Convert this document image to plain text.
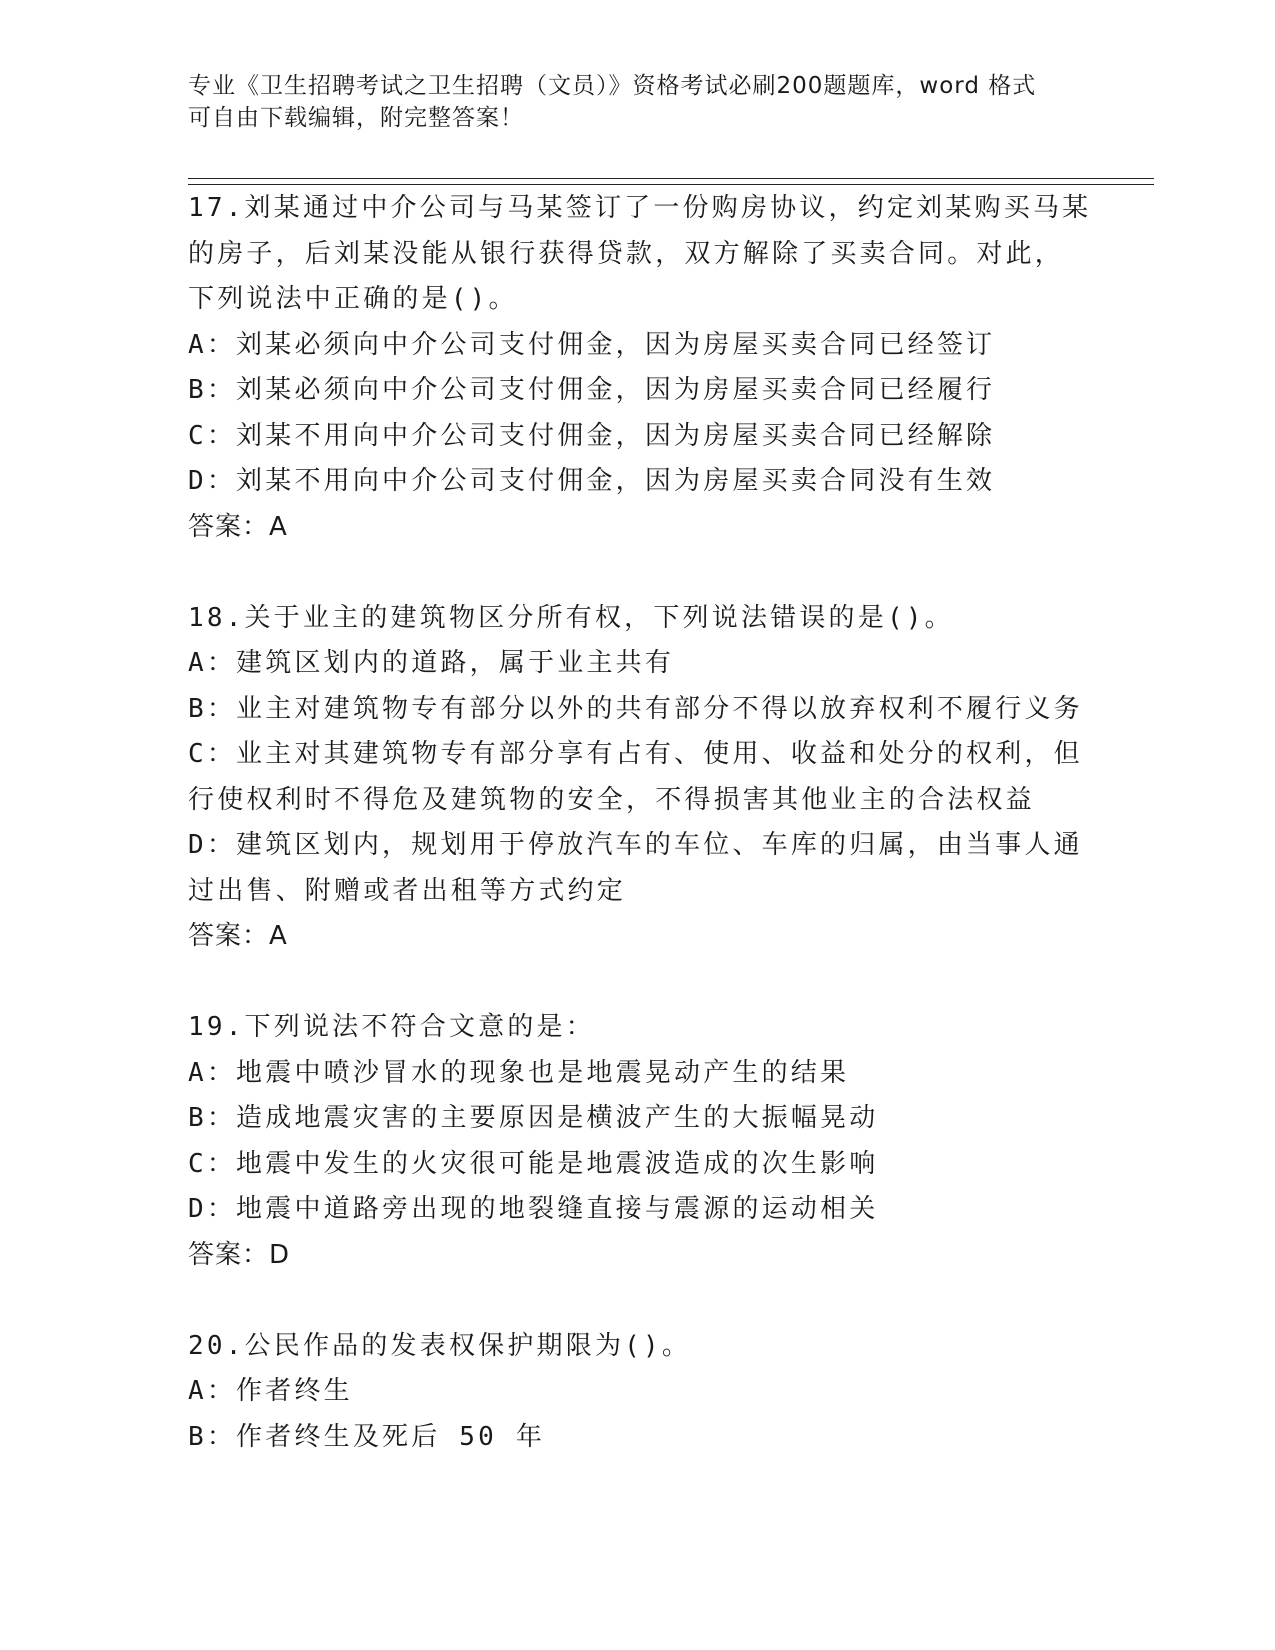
专业《卫生招聘考试之卫生招聘（文员）》资格考试必刷200题题库，word 格式
可自由下载编辑，附完整答案！
17.刘某通过中介公司与马某签订了一份购房协议，约定刘某购买马某
的房子，后刘某没能从银行获得贷款，双方解除了买卖合同。对此，
下列说法中正确的是()。
A：刘某必须向中介公司支付佣金，因为房屋买卖合同已经签订
B：刘某必须向中介公司支付佣金，因为房屋买卖合同已经履行
C：刘某不用向中介公司支付佣金，因为房屋买卖合同已经解除
D：刘某不用向中介公司支付佣金，因为房屋买卖合同没有生效
答案：A
18.关于业主的建筑物区分所有权，下列说法错误的是()。
A：建筑区划内的道路，属于业主共有
B：业主对建筑物专有部分以外的共有部分不得以放弃权利不履行义务
C：业主对其建筑物专有部分享有占有、使用、收益和处分的权利，但
行使权利时不得危及建筑物的安全，不得损害其他业主的合法权益
D：建筑区划内，规划用于停放汽车的车位、车库的归属，由当事人通
过出售、附赠或者出租等方式约定
答案：A
19.下列说法不符合文意的是：
A：地震中喷沙冒水的现象也是地震晃动产生的结果
B：造成地震灾害的主要原因是横波产生的大振幅晃动
C：地震中发生的火灾很可能是地震波造成的次生影响
D：地震中道路旁出现的地裂缝直接与震源的运动相关
答案：D
20.公民作品的发表权保护期限为()。
A：作者终生
B：作者终生及死后 50 年
